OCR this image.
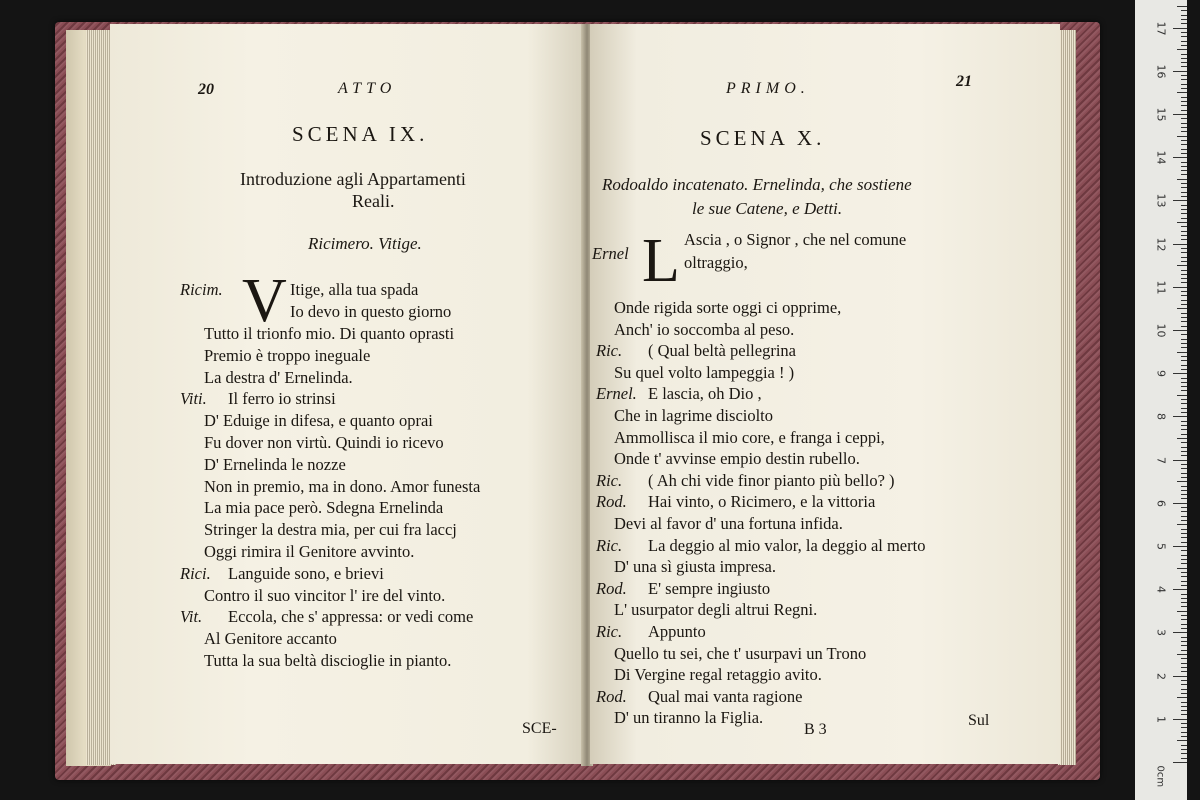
20	ATTO
SCENA IX.
Introduzione agli Appartamenti
Reali.
Ricimero. Vitige.
Ricim. V Itige, alla tua spada
Io devo in questo giorno
Tutto il trionfo mio. Di quanto oprasti
Premio è troppo ineguale
La destra d' Ernelinda.
Viti. Il ferro io strinsi
D' Eduige in difesa, e quanto oprai
Fu dover non virtù. Quindi io ricevo
D' Ernelinda le nozze
Non in premio, ma in dono. Amor funesta
La mia pace però. Sdegna Ernelinda
Stringer la destra mia, per cui fra laccj
Oggi rimira il Genitore avvinto.
Rici. Languide sono, e brievi
Contro il suo vincitor l' ire del vinto.
Vit. Eccola, che s' appressa: or vedi come
Al Genitore accanto
Tutta la sua beltà discioglie in pianto.
SCE-
PRIMO.	21
SCENA X.
Rodoaldo incatenato. Ernelinda, che sostiene
le sue Catene, e Detti.
Ernel L Ascia , o Signor , che nel comune
oltraggio,
Onde rigida sorte oggi ci opprime,
Anch' io soccomba al peso.
Ric. ( Qual beltà pellegrina
Su quel volto lampeggia ! )
Ernel. E lascia, oh Dio ,
Che in lagrime disciolto
Ammollisca il mio core, e franga i ceppi,
Onde t' avvinse empio destin rubello.
Ric. ( Ah chi vide finor pianto più bello? )
Rod. Hai vinto, o Ricimero, e la vittoria
Devi al favor d' una fortuna infida.
Ric. La deggio al mio valor, la deggio al merto
D' una sì giusta impresa.
Rod. E' sempre ingiusto
L' usurpator degli altrui Regni.
Ric. Appunto
Quello tu sei, che t' usurpavi un Trono
Di Vergine regal retaggio avito.
Rod. Qual mai vanta ragione
D' un tiranno la Figlia.
B 3
Sul
0cm
1
2
3
4
5
6
7
8
9
10
11
12
13
14
15
16
17
